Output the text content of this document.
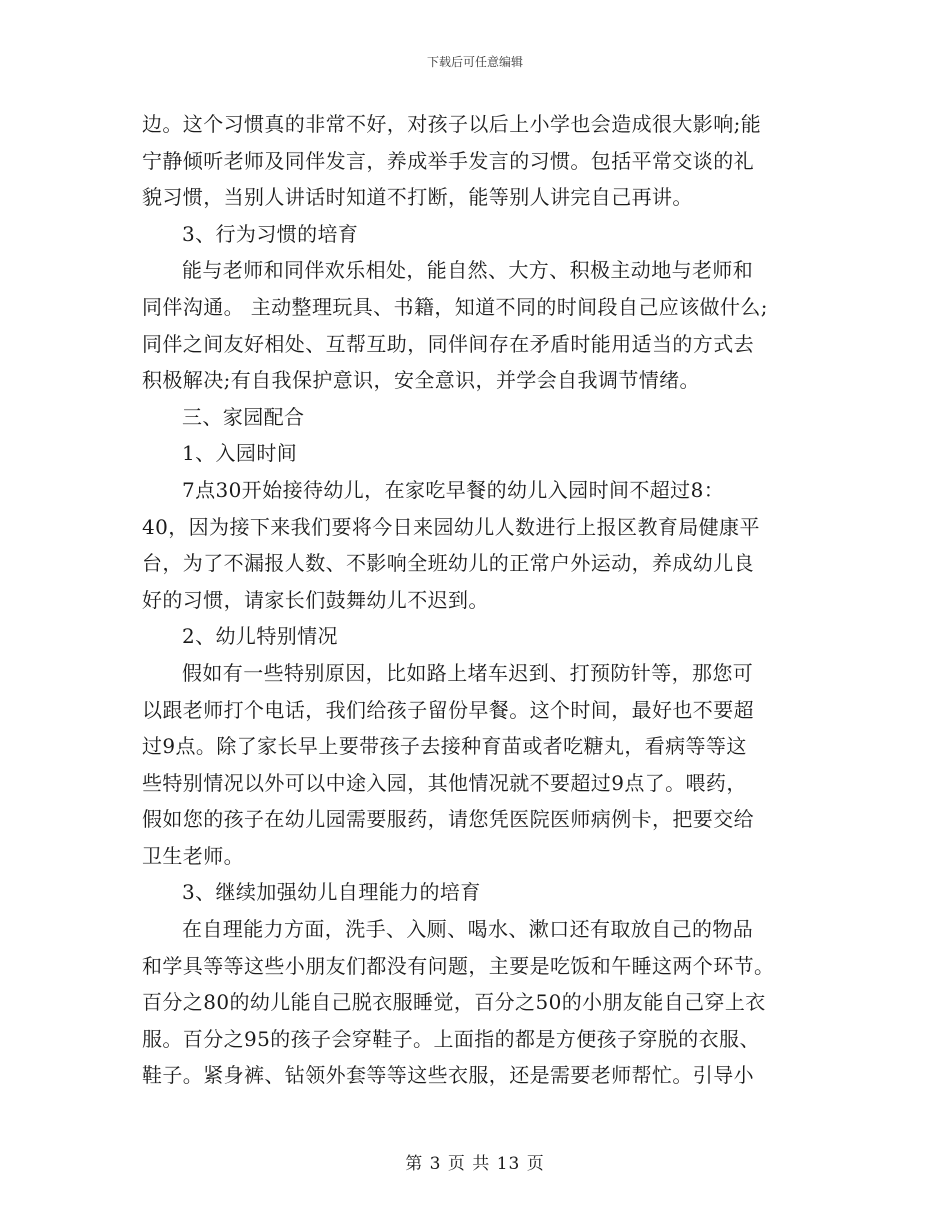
下载后可任意编辑

边。这个习惯真的非常不好，对孩子以后上小学也会造成很大影响;能

宁静倾听老师及同伴发言，养成举手发言的习惯。包括平常交谈的礼

貌习惯，当别人讲话时知道不打断，能等别人讲完自己再讲。

3、行为习惯的培育

能与老师和同伴欢乐相处，能自然、大方、积极主动地与老师和

同伴沟通。 主动整理玩具、书籍，知道不同的时间段自己应该做什么;

同伴之间友好相处、互帮互助，同伴间存在矛盾时能用适当的方式去

积极解决;有自我保护意识，安全意识，并学会自我调节情绪。

三、家园配合

1、入园时间

7点30开始接待幼儿，在家吃早餐的幼儿入园时间不超过8：

40，因为接下来我们要将今日来园幼儿人数进行上报区教育局健康平

台，为了不漏报人数、不影响全班幼儿的正常户外运动，养成幼儿良

好的习惯，请家长们鼓舞幼儿不迟到。

2、幼儿特别情况

假如有一些特别原因，比如路上堵车迟到、打预防针等，那您可

以跟老师打个电话，我们给孩子留份早餐。这个时间，最好也不要超

过9点。除了家长早上要带孩子去接种育苗或者吃糖丸，看病等等这

些特别情况以外可以中途入园，其他情况就不要超过9点了。喂药，

假如您的孩子在幼儿园需要服药，请您凭医院医师病例卡，把要交给

卫生老师。

3、继续加强幼儿自理能力的培育

在自理能力方面，洗手、入厕、喝水、漱口还有取放自己的物品

和学具等等这些小朋友们都没有问题，主要是吃饭和午睡这两个环节。

百分之80的幼儿能自己脱衣服睡觉，百分之50的小朋友能自己穿上衣

服。百分之95的孩子会穿鞋子。上面指的都是方便孩子穿脱的衣服、

鞋子。紧身裤、钻领外套等等这些衣服，还是需要老师帮忙。引导小

第 3 页 共 13 页
